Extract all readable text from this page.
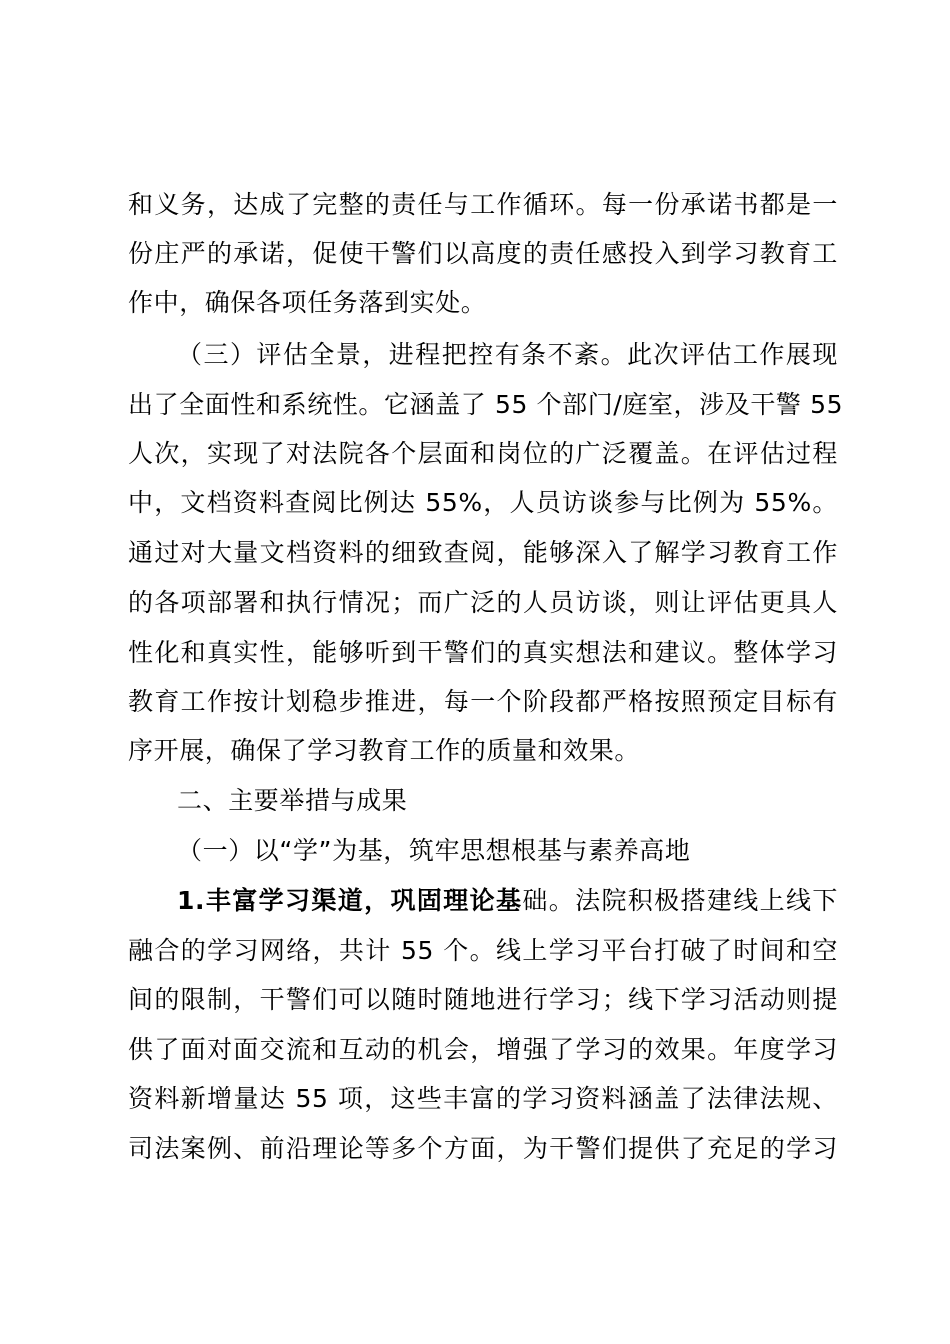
和义务，达成了完整的责任与工作循环。每一份承诺书都是一
份庄严的承诺，促使干警们以高度的责任感投入到学习教育工
作中，确保各项任务落到实处。
（三）评估全景，进程把控有条不紊。此次评估工作展现
出了全面性和系统性。它涵盖了 55 个部门/庭室，涉及干警 55
人次，实现了对法院各个层面和岗位的广泛覆盖。在评估过程
中，文档资料查阅比例达 55%，人员访谈参与比例为 55%。
通过对大量文档资料的细致查阅，能够深入了解学习教育工作
的各项部署和执行情况；而广泛的人员访谈，则让评估更具人
性化和真实性，能够听到干警们的真实想法和建议。整体学习
教育工作按计划稳步推进，每一个阶段都严格按照预定目标有
序开展，确保了学习教育工作的质量和效果。
二、主要举措与成果
（一）以“学”为基，筑牢思想根基与素养高地
1.丰富学习渠道，巩固理论基础。法院积极搭建线上线下
融合的学习网络，共计 55 个。线上学习平台打破了时间和空
间的限制，干警们可以随时随地进行学习；线下学习活动则提
供了面对面交流和互动的机会，增强了学习的效果。年度学习
资料新增量达 55 项，这些丰富的学习资料涵盖了法律法规、
司法案例、前沿理论等多个方面，为干警们提供了充足的学习
